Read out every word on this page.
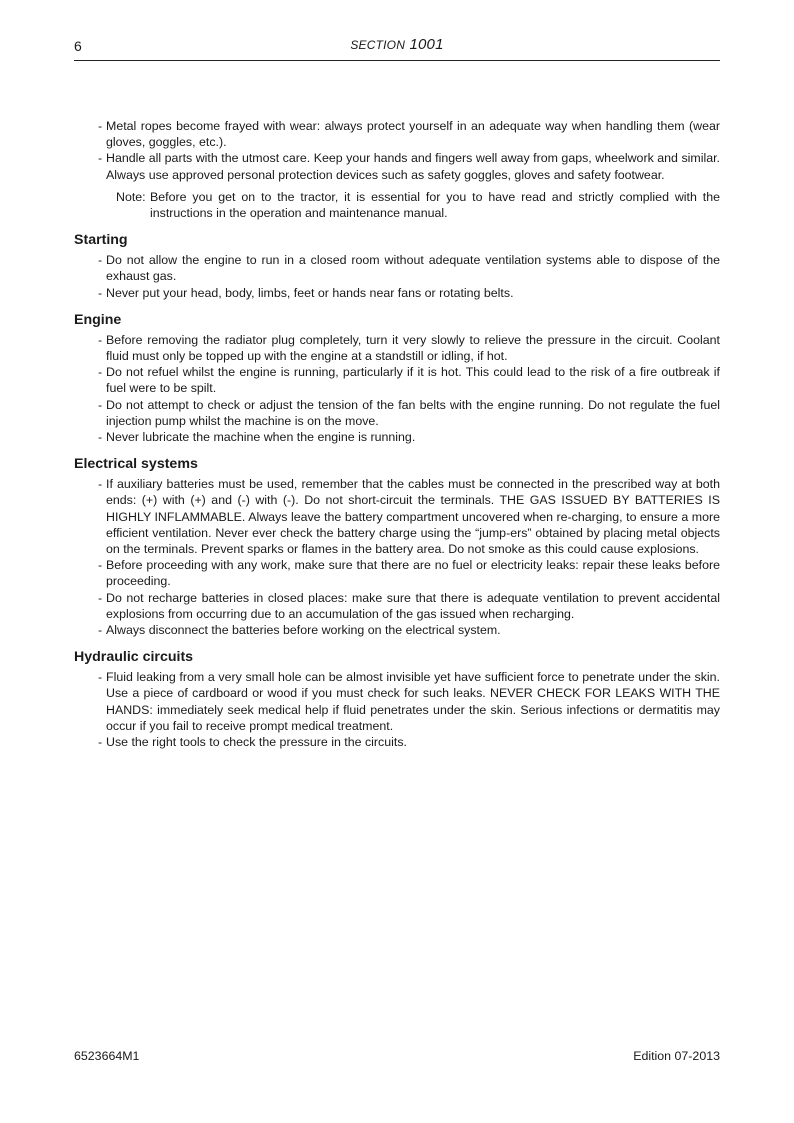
6	SECTION 1001

- Metal ropes become frayed with wear: always protect yourself in an adequate way when handling them (wear gloves, goggles, etc.).

- Handle all parts with the utmost care. Keep your hands and fingers well away from gaps, wheelwork and similar. Always use approved personal protection devices such as safety goggles, gloves and safety footwear.

Note: Before you get on to the tractor, it is essential for you to have read and strictly complied with the instructions in the operation and maintenance manual.
Starting

- Do not allow the engine to run in a closed room without adequate ventilation systems able to dispose of the exhaust gas.

- Never put your head, body, limbs, feet or hands near fans or rotating belts.

Engine

- Before removing the radiator plug completely, turn it very slowly to relieve the pressure in the circuit. Coolant fluid must only be topped up with the engine at a standstill or idling, if hot.

- Do not refuel whilst the engine is running, particularly if it is hot. This could lead to the risk of a fire outbreak if fuel were to be spilt.

- Do not attempt to check or adjust the tension of the fan belts with the engine running. Do not regulate the fuel injection pump whilst the machine is on the move.

- Never lubricate the machine when the engine is running.

Electrical systems

- If auxiliary batteries must be used, remember that the cables must be connected in the prescribed way at both ends: (+) with (+) and (-) with (-). Do not short-circuit the terminals. THE GAS ISSUED BY BATTERIES IS HIGHLY INFLAMMABLE. Always leave the battery compartment uncovered when re-charging, to ensure a more efficient ventilation. Never ever check the battery charge using the “jump-ers” obtained by placing metal objects on the terminals. Prevent sparks or flames in the battery area. Do not smoke as this could cause explosions.

- Before proceeding with any work, make sure that there are no fuel or electricity leaks: repair these leaks before proceeding.

- Do not recharge batteries in closed places: make sure that there is adequate ventilation to prevent accidental explosions from occurring due to an accumulation of the gas issued when recharging.

- Always disconnect the batteries before working on the electrical system.

Hydraulic circuits

- Fluid leaking from a very small hole can be almost invisible yet have sufficient force to penetrate under the skin. Use a piece of cardboard or wood if you must check for such leaks. NEVER CHECK FOR LEAKS WITH THE HANDS: immediately seek medical help if fluid penetrates under the skin. Serious infections or dermatitis may occur if you fail to receive prompt medical treatment.

- Use the right tools to check the pressure in the circuits.

6523664M1	Edition 07-2013
